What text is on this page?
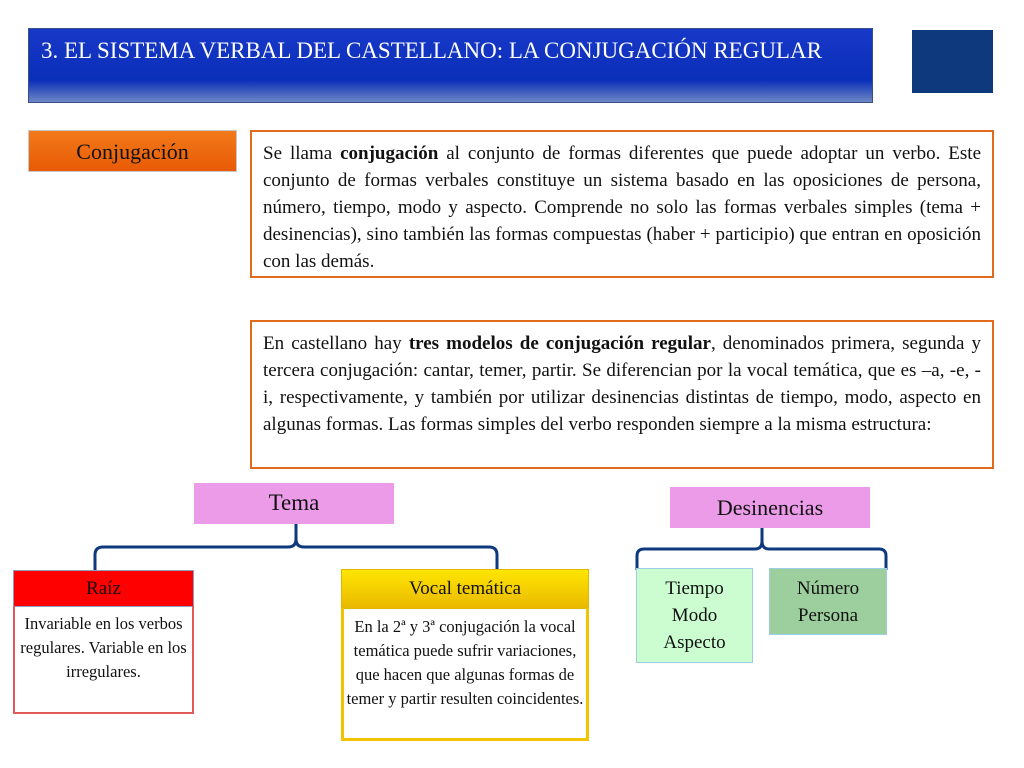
3. EL SISTEMA VERBAL DEL CASTELLANO: LA CONJUGACIÓN REGULAR
Conjugación	Se llama conjugación al conjunto de formas diferentes que puede adoptar un verbo. Este conjunto de formas verbales constituye un sistema basado en las oposiciones de persona, número, tiempo, modo y aspecto. Comprende no solo las formas verbales simples (tema + desinencias), sino también las formas compuestas (haber + participio) que entran en oposición con las demás.
En castellano hay tres modelos de conjugación regular, denominados primera, segunda y tercera conjugación: cantar, temer, partir. Se diferencian por la vocal temática, que es –a, -e, -i, respectivamente, y también por utilizar desinencias distintas de tiempo, modo, aspecto en algunas formas. Las formas simples del verbo responden siempre a la misma estructura:
Tema
Raíz
Invariable en los verbos regulares. Variable en los irregulares.
Vocal temática
En la 2ª y 3ª conjugación la vocal temática puede sufrir variaciones, que hacen que algunas formas de temer y partir resulten coincidentes.
Desinencias
Tiempo
Modo
Aspecto
Número
Persona
